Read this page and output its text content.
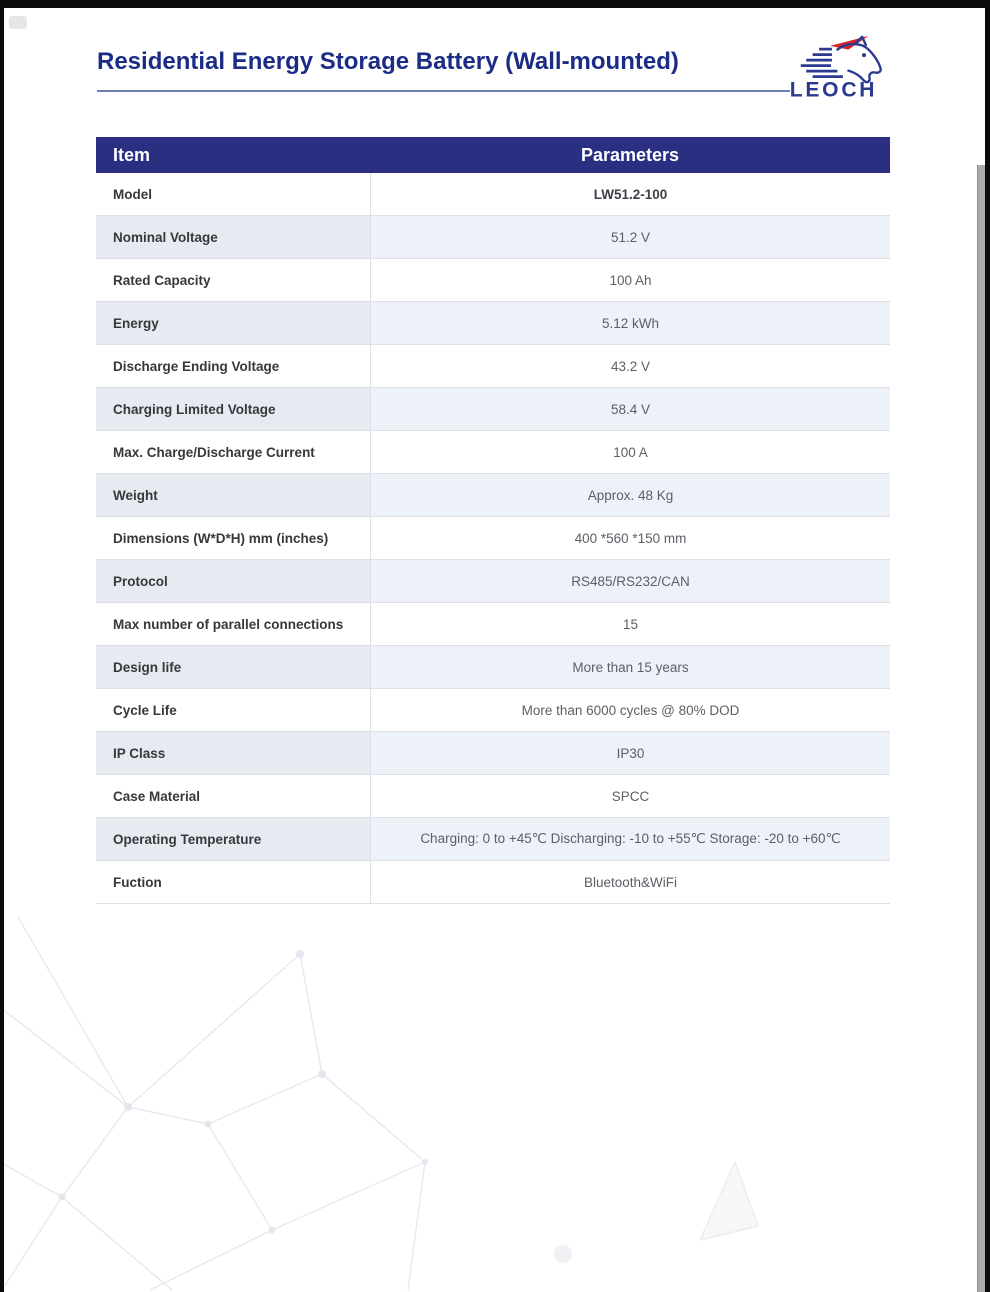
Residential Energy Storage Battery (Wall-mounted)
LEOCH
Item	Parameters
Model	LW51.2-100
Nominal Voltage	51.2 V
Rated Capacity	100 Ah
Energy	5.12 kWh
Discharge Ending Voltage	43.2 V
Charging Limited Voltage	58.4 V
Max. Charge/Discharge Current	100 A
Weight	Approx. 48 Kg
Dimensions (W*D*H) mm (inches)	400 *560 *150 mm
Protocol	RS485/RS232/CAN
Max number of parallel connections	15
Design life	More than 15 years
Cycle Life	More than 6000 cycles @ 80% DOD
IP Class	IP30
Case Material	SPCC
Operating Temperature	Charging: 0 to +45℃ Discharging: -10 to +55℃ Storage: -20 to +60℃
Fuction	Bluetooth&WiFi
